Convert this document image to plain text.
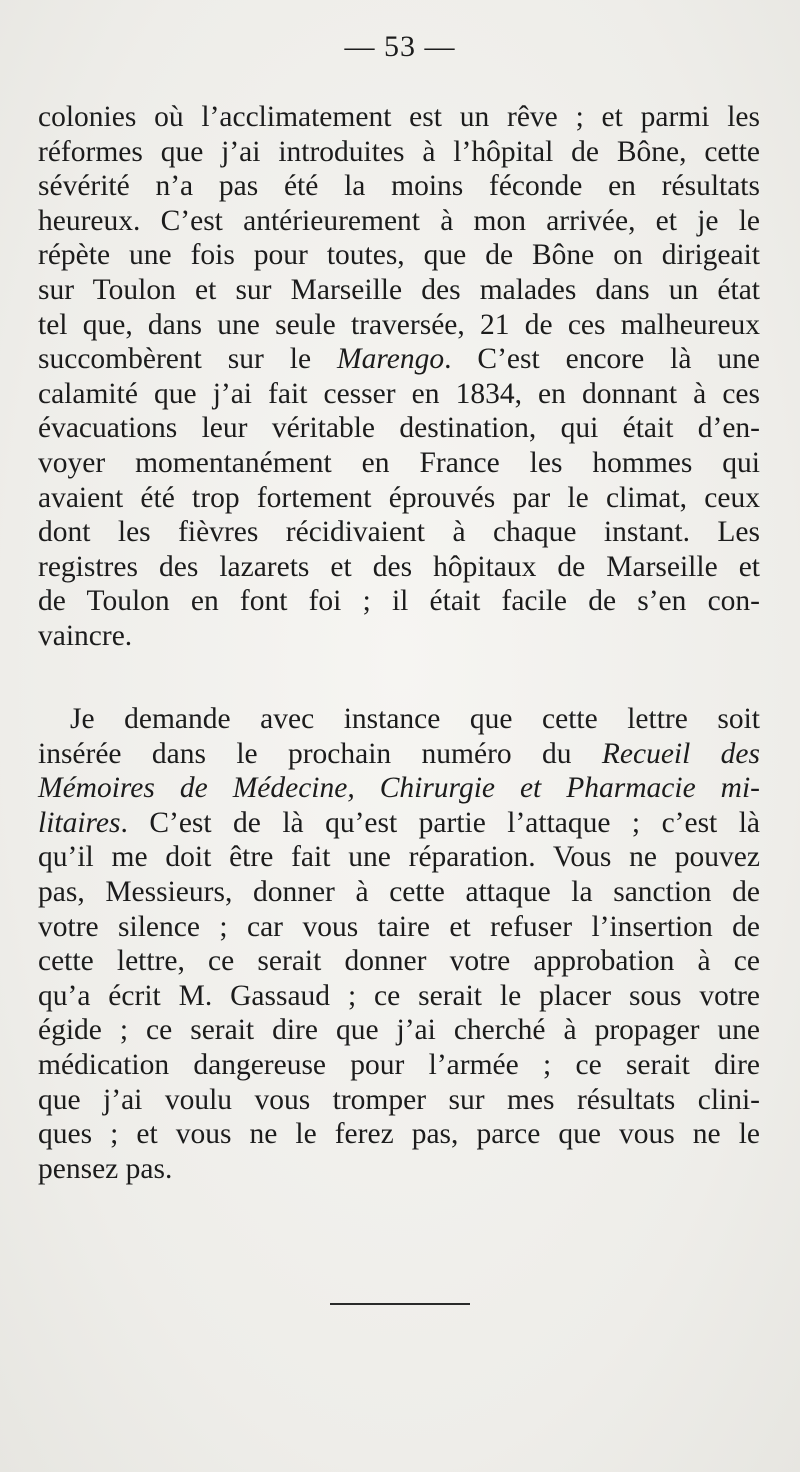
— 53 —
colonies où l’acclimatement est un rêve ; et parmi les
réformes que j’ai introduites à l’hôpital de Bône, cette
sévérité n’a pas été la moins féconde en résultats
heureux. C’est antérieurement à mon arrivée, et je le
répète une fois pour toutes, que de Bône on dirigeait
sur Toulon et sur Marseille des malades dans un état
tel que, dans une seule traversée, 21 de ces malheureux
succombèrent sur le Marengo. C’est encore là une
calamité que j’ai fait cesser en 1834, en donnant à ces
évacuations leur véritable destination, qui était d’en-
voyer momentanément en France les hommes qui
avaient été trop fortement éprouvés par le climat, ceux
dont les fièvres récidivaient à chaque instant. Les
registres des lazarets et des hôpitaux de Marseille et
de Toulon en font foi ; il était facile de s’en con-
vaincre.
Je demande avec instance que cette lettre soit
insérée dans le prochain numéro du Recueil des
Mémoires de Médecine, Chirurgie et Pharmacie mi-
litaires. C’est de là qu’est partie l’attaque ; c’est là
qu’il me doit être fait une réparation. Vous ne pouvez
pas, Messieurs, donner à cette attaque la sanction de
votre silence ; car vous taire et refuser l’insertion de
cette lettre, ce serait donner votre approbation à ce
qu’a écrit M. Gassaud ; ce serait le placer sous votre
égide ; ce serait dire que j’ai cherché à propager une
médication dangereuse pour l’armée ; ce serait dire
que j’ai voulu vous tromper sur mes résultats clini-
ques ; et vous ne le ferez pas, parce que vous ne le
pensez pas.
